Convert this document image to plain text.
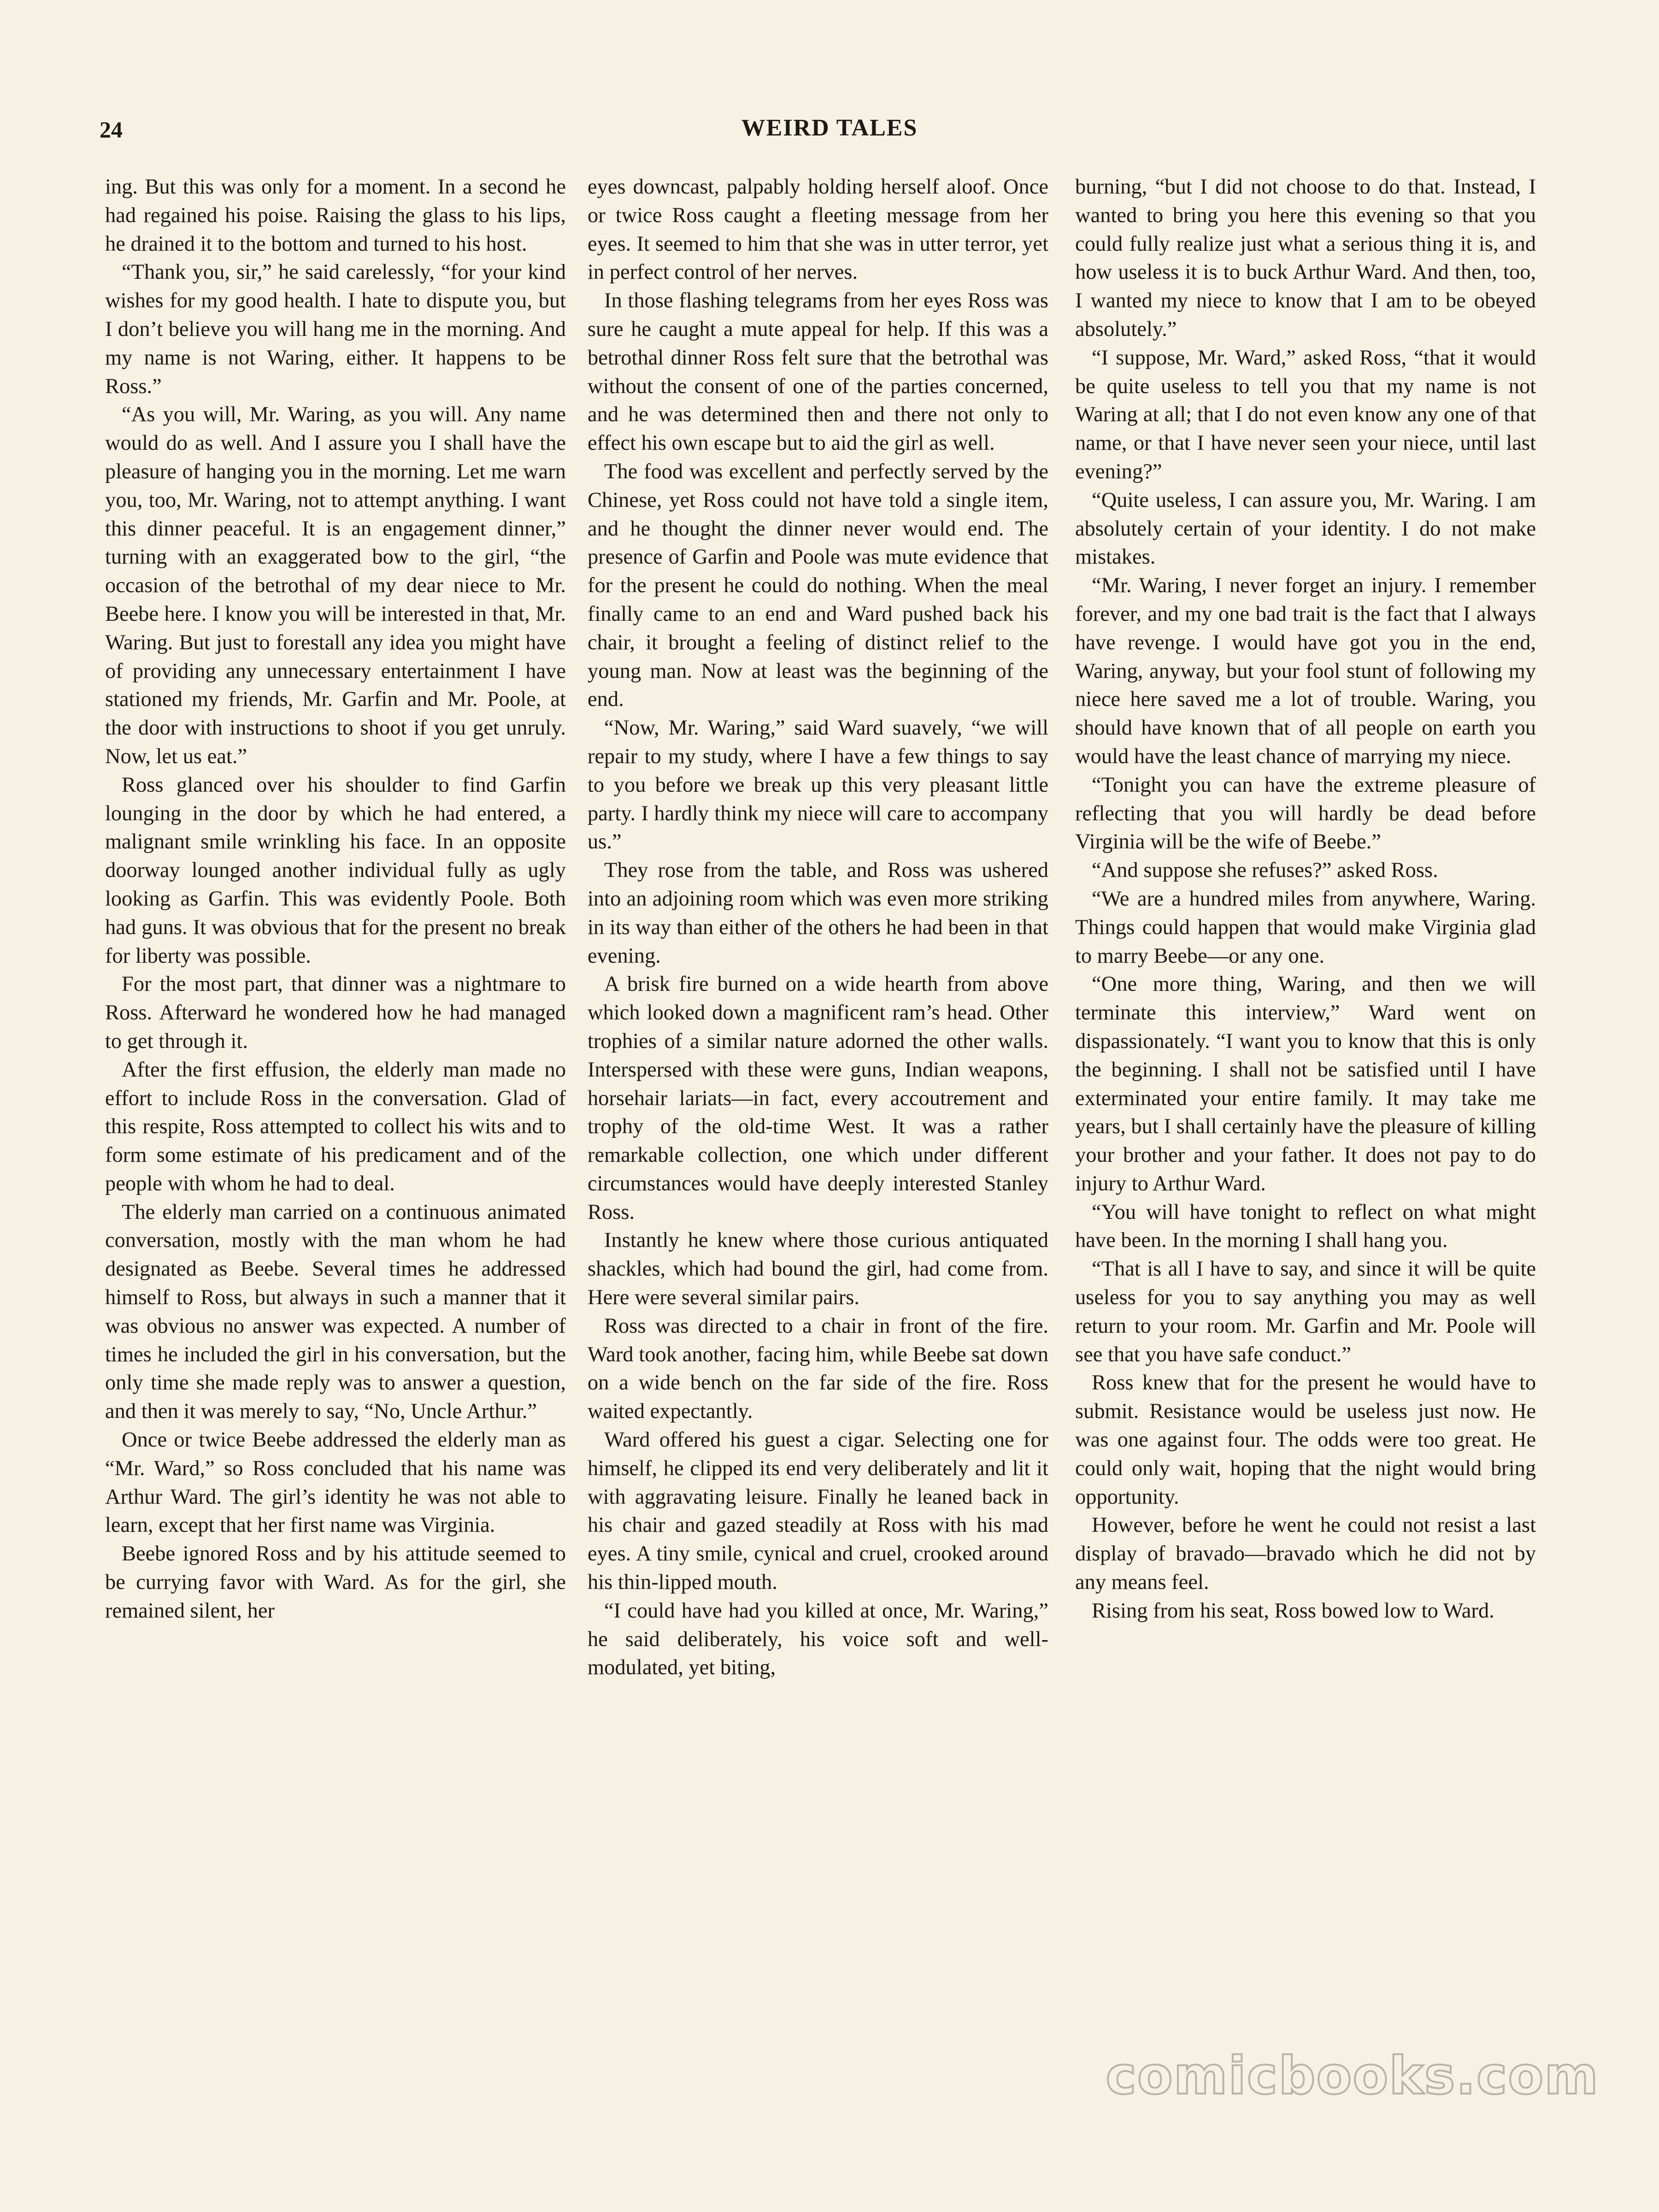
24	WEIRD TALES

ing. But this was only for a moment. In a second he had regained his poise. Raising the glass to his lips, he drained it to the bottom and turned to his host.

“Thank you, sir,” he said carelessly, “for your kind wishes for my good health. I hate to dispute you, but I don’t believe you will hang me in the morning. And my name is not Waring, either. It happens to be Ross.”

“As you will, Mr. Waring, as you will. Any name would do as well. And I assure you I shall have the pleasure of hanging you in the morning. Let me warn you, too, Mr. Waring, not to attempt anything. I want this dinner peaceful. It is an engagement dinner,” turning with an exaggerated bow to the girl, “the occasion of the betrothal of my dear niece to Mr. Beebe here. I know you will be interested in that, Mr. Waring. But just to forestall any idea you might have of providing any unnecessary entertainment I have stationed my friends, Mr. Garfin and Mr. Poole, at the door with instructions to shoot if you get unruly. Now, let us eat.”

Ross glanced over his shoulder to find Garfin lounging in the door by which he had entered, a malignant smile wrinkling his face. In an opposite doorway lounged another individual fully as ugly looking as Garfin. This was evidently Poole. Both had guns. It was obvious that for the present no break for liberty was possible.

For the most part, that dinner was a nightmare to Ross. Afterward he wondered how he had managed to get through it.

After the first effusion, the elderly man made no effort to include Ross in the conversation. Glad of this respite, Ross attempted to collect his wits and to form some estimate of his predicament and of the people with whom he had to deal.

The elderly man carried on a continuous animated conversation, mostly with the man whom he had designated as Beebe. Several times he addressed himself to Ross, but always in such a manner that it was obvious no answer was expected. A number of times he included the girl in his conversation, but the only time she made reply was to answer a question, and then it was merely to say, “No, Uncle Arthur.”

Once or twice Beebe addressed the elderly man as “Mr. Ward,” so Ross concluded that his name was Arthur Ward. The girl’s identity he was not able to learn, except that her first name was Virginia.

Beebe ignored Ross and by his attitude seemed to be currying favor with Ward. As for the girl, she remained silent, her

eyes downcast, palpably holding herself aloof. Once or twice Ross caught a fleeting message from her eyes. It seemed to him that she was in utter terror, yet in perfect control of her nerves.

In those flashing telegrams from her eyes Ross was sure he caught a mute appeal for help. If this was a betrothal dinner Ross felt sure that the betrothal was without the consent of one of the parties concerned, and he was determined then and there not only to effect his own escape but to aid the girl as well.

The food was excellent and perfectly served by the Chinese, yet Ross could not have told a single item, and he thought the dinner never would end. The presence of Garfin and Poole was mute evidence that for the present he could do nothing. When the meal finally came to an end and Ward pushed back his chair, it brought a feeling of distinct relief to the young man. Now at least was the beginning of the end.

“Now, Mr. Waring,” said Ward suavely, “we will repair to my study, where I have a few things to say to you before we break up this very pleasant little party. I hardly think my niece will care to accompany us.”

They rose from the table, and Ross was ushered into an adjoining room which was even more striking in its way than either of the others he had been in that evening.

A brisk fire burned on a wide hearth from above which looked down a magnificent ram’s head. Other trophies of a similar nature adorned the other walls. Interspersed with these were guns, Indian weapons, horsehair lariats—in fact, every accoutrement and trophy of the old-time West. It was a rather remarkable collection, one which under different circumstances would have deeply interested Stanley Ross.

Instantly he knew where those curious antiquated shackles, which had bound the girl, had come from. Here were several similar pairs.

Ross was directed to a chair in front of the fire. Ward took another, facing him, while Beebe sat down on a wide bench on the far side of the fire. Ross waited expectantly.

Ward offered his guest a cigar. Selecting one for himself, he clipped its end very deliberately and lit it with aggravating leisure. Finally he leaned back in his chair and gazed steadily at Ross with his mad eyes. A tiny smile, cynical and cruel, crooked around his thin-lipped mouth.

“I could have had you killed at once, Mr. Waring,” he said deliberately, his voice soft and well-modulated, yet biting,

burning, “but I did not choose to do that. Instead, I wanted to bring you here this evening so that you could fully realize just what a serious thing it is, and how useless it is to buck Arthur Ward. And then, too, I wanted my niece to know that I am to be obeyed absolutely.”

“I suppose, Mr. Ward,” asked Ross, “that it would be quite useless to tell you that my name is not Waring at all; that I do not even know any one of that name, or that I have never seen your niece, until last evening?”

“Quite useless, I can assure you, Mr. Waring. I am absolutely certain of your identity. I do not make mistakes.

“Mr. Waring, I never forget an injury. I remember forever, and my one bad trait is the fact that I always have revenge. I would have got you in the end, Waring, anyway, but your fool stunt of following my niece here saved me a lot of trouble. Waring, you should have known that of all people on earth you would have the least chance of marrying my niece.

“Tonight you can have the extreme pleasure of reflecting that you will hardly be dead before Virginia will be the wife of Beebe.”

“And suppose she refuses?” asked Ross.

“We are a hundred miles from anywhere, Waring. Things could happen that would make Virginia glad to marry Beebe—or any one.

“One more thing, Waring, and then we will terminate this interview,” Ward went on dispassionately. “I want you to know that this is only the beginning. I shall not be satisfied until I have exterminated your entire family. It may take me years, but I shall certainly have the pleasure of killing your brother and your father. It does not pay to do injury to Arthur Ward.

“You will have tonight to reflect on what might have been. In the morning I shall hang you.

“That is all I have to say, and since it will be quite useless for you to say anything you may as well return to your room. Mr. Garfin and Mr. Poole will see that you have safe conduct.”

Ross knew that for the present he would have to submit. Resistance would be useless just now. He was one against four. The odds were too great. He could only wait, hoping that the night would bring opportunity.

However, before he went he could not resist a last display of bravado—bravado which he did not by any means feel.

Rising from his seat, Ross bowed low to Ward.

comicbooks.com
